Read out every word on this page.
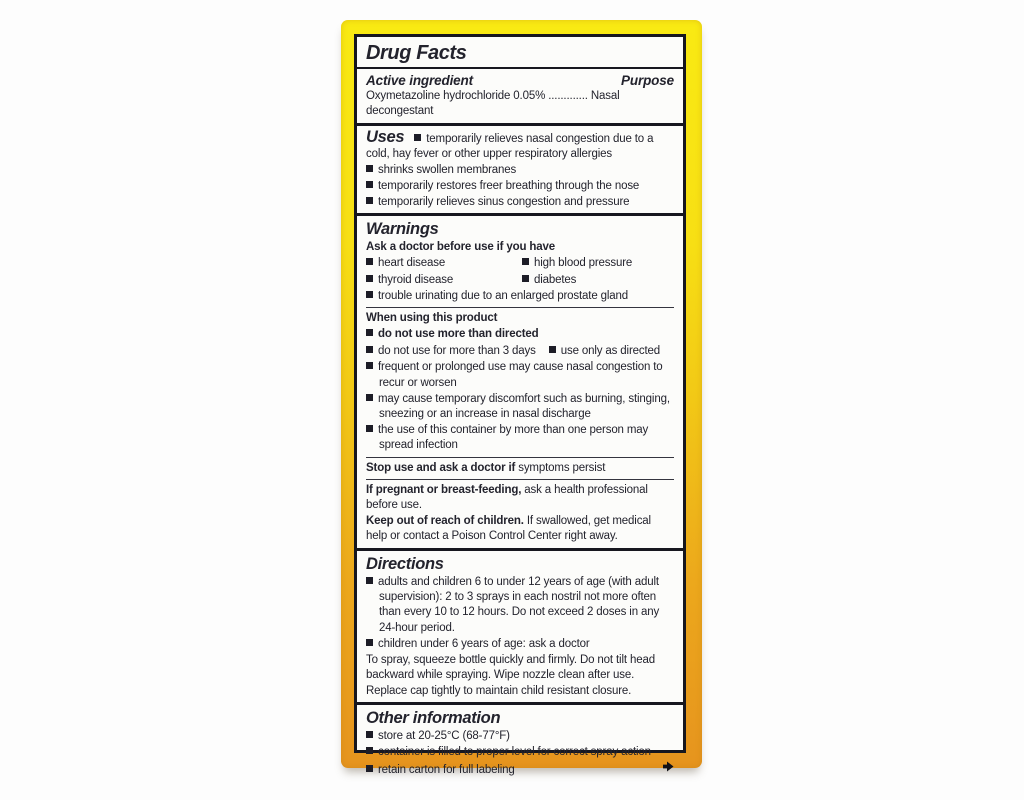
Drug Facts
Active ingredient	Purpose
Oxymetazoline hydrochloride 0.05% ............. Nasal decongestant
Uses temporarily relieves nasal congestion due to a cold, hay fever or other upper respiratory allergies
shrinks swollen membranes
temporarily restores freer breathing through the nose
temporarily relieves sinus congestion and pressure
Warnings
Ask a doctor before use if you have
heart disease	high blood pressure
thyroid disease	diabetes
trouble urinating due to an enlarged prostate gland
When using this product
do not use more than directed
do not use for more than 3 days	use only as directed
frequent or prolonged use may cause nasal congestion to recur or worsen
may cause temporary discomfort such as burning, stinging, sneezing or an increase in nasal discharge
the use of this container by more than one person may spread infection
Stop use and ask a doctor if symptoms persist
If pregnant or breast-feeding, ask a health professional before use.
Keep out of reach of children. If swallowed, get medical help or contact a Poison Control Center right away.
Directions
adults and children 6 to under 12 years of age (with adult supervision): 2 to 3 sprays in each nostril not more often than every 10 to 12 hours. Do not exceed 2 doses in any 24-hour period.
children under 6 years of age: ask a doctor
To spray, squeeze bottle quickly and firmly. Do not tilt head backward while spraying. Wipe nozzle clean after use. Replace cap tightly to maintain child resistant closure.
Other information
store at 20-25°C (68-77°F)
container is filled to proper level for correct spray action
retain carton for full labeling
